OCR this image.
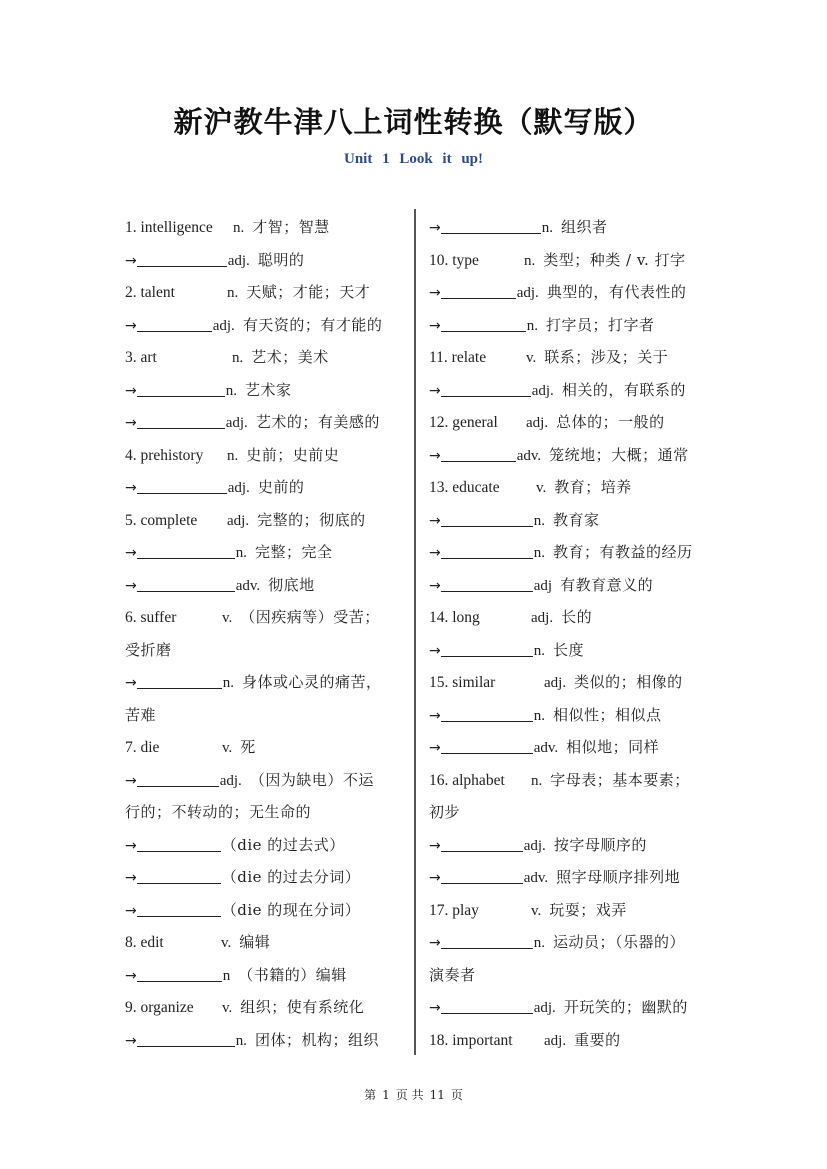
新沪教牛津八上词性转换（默写版）
Unit 1 Look it up!
1. intelligence n. 才智；智慧
→	adj. 聪明的
2. talent	n. 天赋；才能；天才
→	adj. 有天资的；有才能的
3. art	n. 艺术；美术
→	n. 艺术家
→	adj. 艺术的；有美感的
4. prehistory n. 史前；史前史
→	adj. 史前的
5. complete adj. 完整的；彻底的
→	n. 完整；完全
→	adv. 彻底地
6. suffer	v. （因疾病等）受苦；
受折磨
→	n. 身体或心灵的痛苦，
苦难
7. die	v. 死
→	adj. （因为缺电）不运
行的；不转动的；无生命的
→	（die 的过去式）
→	（die 的过去分词）
→	（die 的现在分词）
8. edit	v. 编辑
→	n （书籍的）编辑
9. organize v. 组织；使有系统化
→	n. 团体；机构；组织
→	n. 组织者
10. type	n. 类型；种类 / v. 打字
→	adj. 典型的，有代表性的
→	n. 打字员；打字者
11. relate	v. 联系；涉及；关于
→	adj. 相关的，有联系的
12. general adj. 总体的；一般的
→	adv. 笼统地；大概；通常
13. educate v. 教育；培养
→	n. 教育家
→	n. 教育；有教益的经历
→	adj 有教育意义的
14. long	adj. 长的
→	n. 长度
15. similar	adj. 类似的；相像的
→	n. 相似性；相似点
→	adv. 相似地；同样
16. alphabet n. 字母表；基本要素；
初步
→	adj. 按字母顺序的
→	adv. 照字母顺序排列地
17. play	v. 玩耍；戏弄
→	n. 运动员；（乐器的）
演奏者
→	adj. 开玩笑的；幽默的
18. important adj. 重要的
第 1 页 共 11 页
